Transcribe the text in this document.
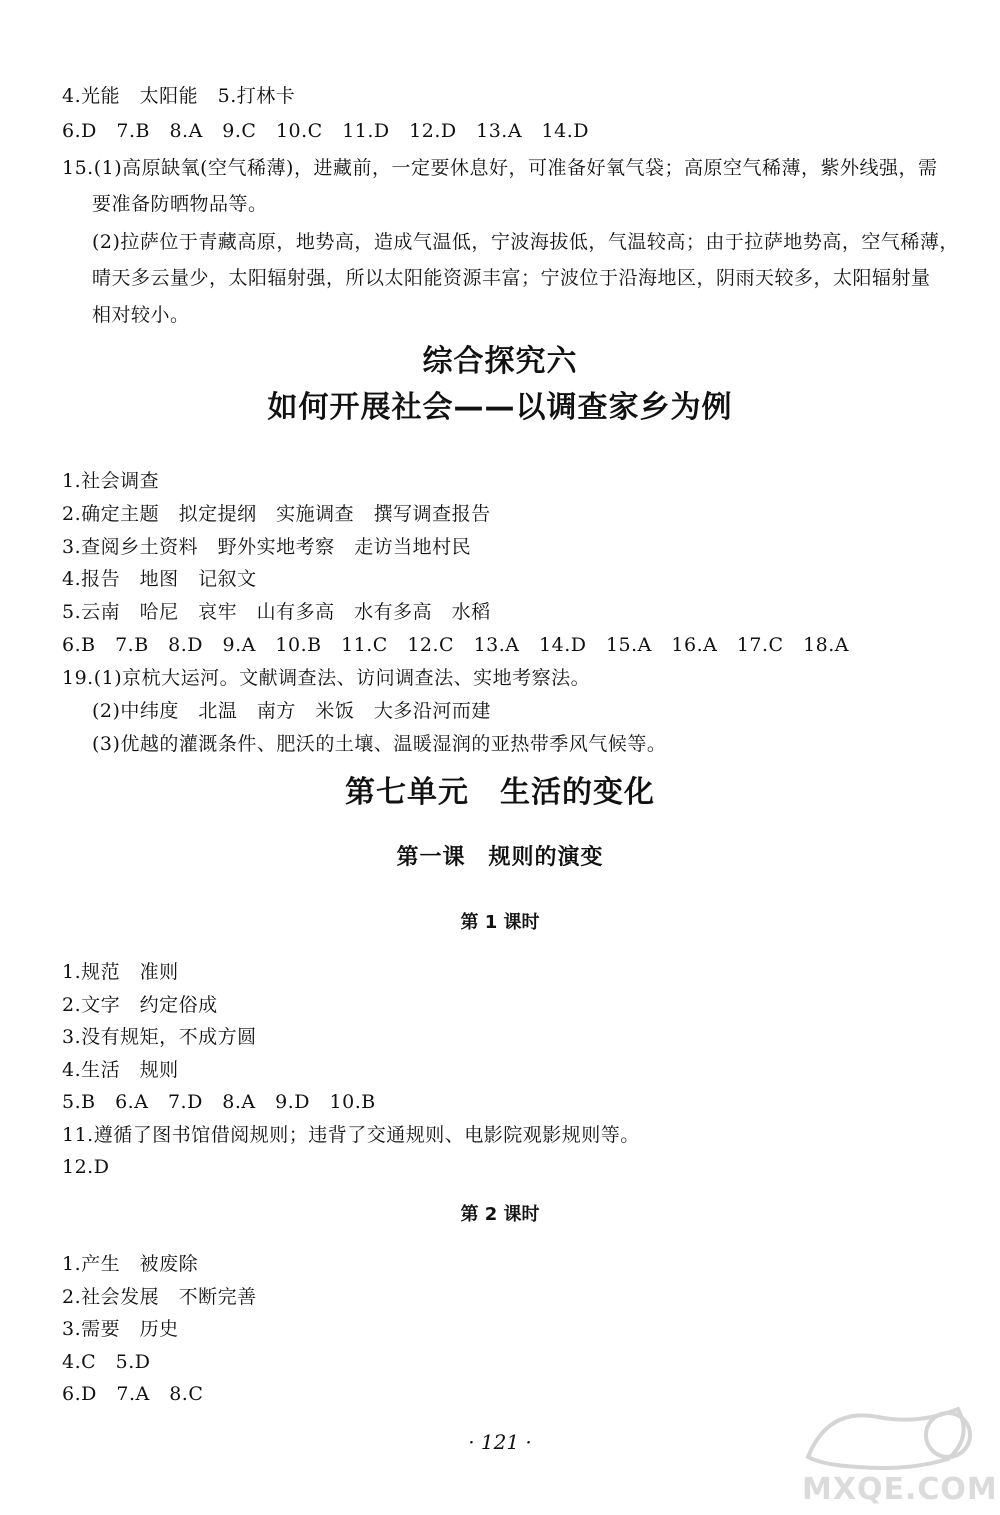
4.光能　太阳能　5.打林卡
6.D　7.B　8.A　9.C　10.C　11.D　12.D　13.A　14.D
15.(1)高原缺氧(空气稀薄)，进藏前，一定要休息好，可准备好氧气袋；高原空气稀薄，紫外线强，需
要准备防晒物品等。
(2)拉萨位于青藏高原，地势高，造成气温低，宁波海拔低，气温较高；由于拉萨地势高，空气稀薄，
晴天多云量少，太阳辐射强，所以太阳能资源丰富；宁波位于沿海地区，阴雨天较多，太阳辐射量
相对较小。
综合探究六
如何开展社会——以调查家乡为例
1.社会调查
2.确定主题　拟定提纲　实施调查　撰写调查报告
3.查阅乡土资料　野外实地考察　走访当地村民
4.报告　地图　记叙文
5.云南　哈尼　哀牢　山有多高　水有多高　水稻
6.B　7.B　8.D　9.A　10.B　11.C　12.C　13.A　14.D　15.A　16.A　17.C　18.A
19.(1)京杭大运河。文献调查法、访问调查法、实地考察法。
(2)中纬度　北温　南方　米饭　大多沿河而建
(3)优越的灌溉条件、肥沃的土壤、温暖湿润的亚热带季风气候等。
第七单元　生活的变化
第一课　规则的演变
第 1 课时
1.规范　准则
2.文字　约定俗成
3.没有规矩，不成方圆
4.生活　规则
5.B　6.A　7.D　8.A　9.D　10.B
11.遵循了图书馆借阅规则；违背了交通规则、电影院观影规则等。
12.D
第 2 课时
1.产生　被废除
2.社会发展　不断完善
3.需要　历史
4.C　5.D
6.D　7.A　8.C
· 121 ·
MXQE.COM
